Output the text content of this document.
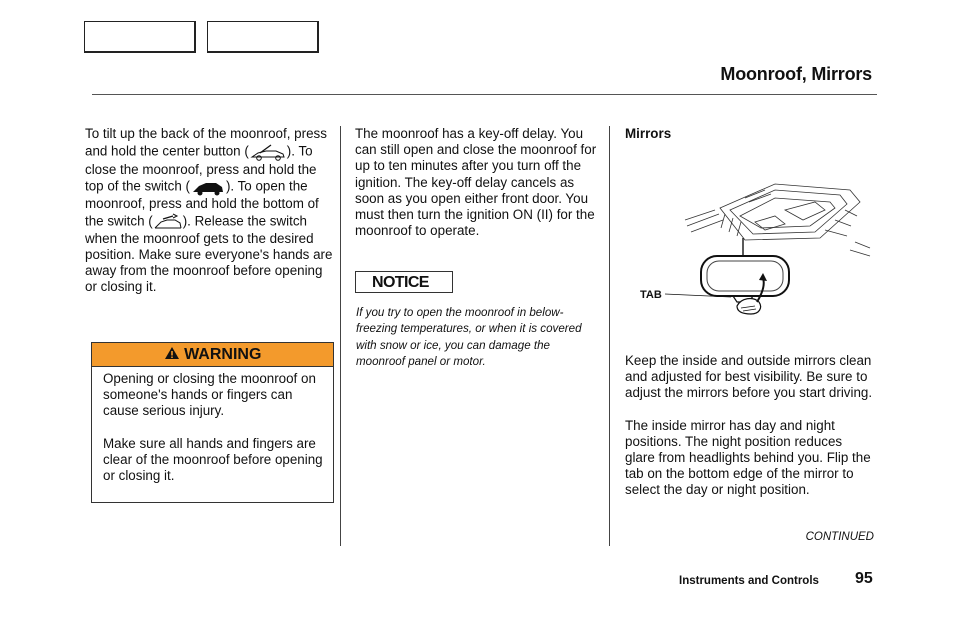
Moonroof, Mirrors

To tilt up the back of the moonroof, press and hold the center button (	). To close the moonroof, press and hold the top of the switch (	). To open the moonroof, press and hold the bottom of the switch ( ). Release the switch when the moonroof gets to the desired position. Make sure everyone's hands are away from the moonroof before opening or closing it.

WARNING

Opening or closing the moonroof on someone's hands or fingers can cause serious injury.

Make sure all hands and fingers are clear of the moonroof before opening or closing it.

The moonroof has a key-off delay. You can still open and close the moonroof for up to ten minutes after you turn off the ignition. The key-off delay cancels as soon as you open either front door. You must then turn the ignition ON (II) for the moonroof to operate.
NOTICE
If you try to open the moonroof in below-freezing temperatures, or when it is covered with snow or ice, you can damage the moonroof panel or motor.
Mirrors
TAB

Keep the inside and outside mirrors clean and adjusted for best visibility. Be sure to adjust the mirrors before you start driving.

The inside mirror has day and night positions. The night position reduces glare from headlights behind you. Flip the tab on the bottom edge of the mirror to select the day or night position.

CONTINUED
Instruments and Controls 95
